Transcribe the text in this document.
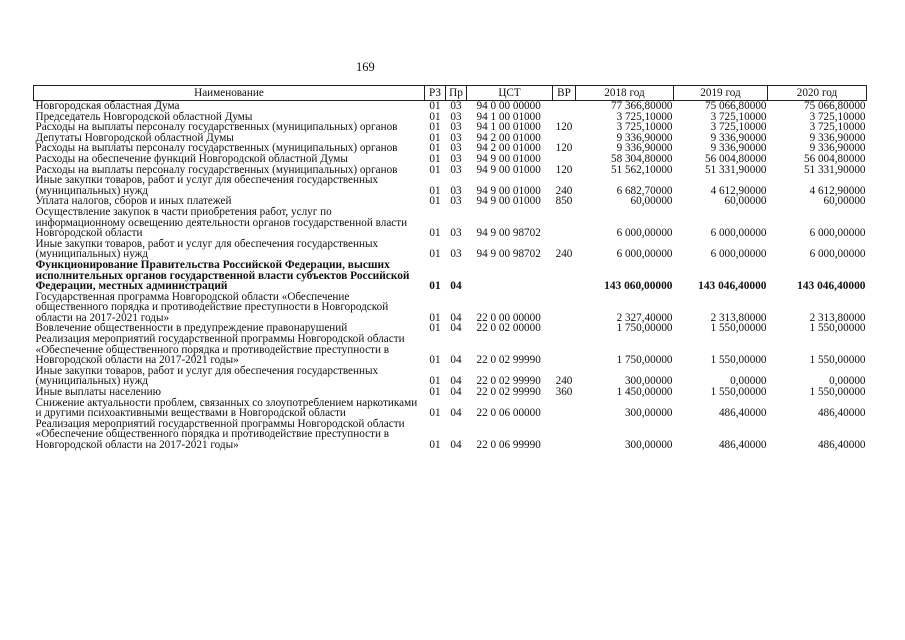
169
Наименование	РЗ	Пр	ЦСТ	ВР	2018 год	2019 год	2020 год
Новгородская областная Дума	01	03	94 0 00 00000		77 366,80000	75 066,80000	75 066,80000
Председатель Новгородской областной Думы	01	03	94 1 00 01000		3 725,10000	3 725,10000	3 725,10000
Расходы на выплаты персоналу государственных (муниципальных) органов	01	03	94 1 00 01000	120	3 725,10000	3 725,10000	3 725,10000
Депутаты Новгородской областной Думы	01	03	94 2 00 01000		9 336,90000	9 336,90000	9 336,90000
Расходы на выплаты персоналу государственных (муниципальных) органов	01	03	94 2 00 01000	120	9 336,90000	9 336,90000	9 336,90000
Расходы на обеспечение функций Новгородской областной Думы	01	03	94 9 00 01000		58 304,80000	56 004,80000	56 004,80000
Расходы на выплаты персоналу государственных (муниципальных) органов	01	03	94 9 00 01000	120	51 562,10000	51 331,90000	51 331,90000
Иные закупки товаров, работ и услуг для обеспечения государственных (муниципальных) нужд	01	03	94 9 00 01000	240	6 682,70000	4 612,90000	4 612,90000
Уплата налогов, сборов и иных платежей	01	03	94 9 00 01000	850	60,00000	60,00000	60,00000
Осуществление закупок в части приобретения работ, услуг по информационному освещению деятельности органов государственной власти Новгородской области	01	03	94 9 00 98702		6 000,00000	6 000,00000	6 000,00000
Иные закупки товаров, работ и услуг для обеспечения государственных (муниципальных) нужд	01	03	94 9 00 98702	240	6 000,00000	6 000,00000	6 000,00000
Функционирование Правительства Российской Федерации, высших исполнительных органов государственной власти субъектов Российской Федерации, местных администраций	01	04			143 060,00000	143 046,40000	143 046,40000
Государственная программа Новгородской области «Обеспечение общественного порядка и противодействие преступности в Новгородской области на 2017-2021 годы»	01	04	22 0 00 00000		2 327,40000	2 313,80000	2 313,80000
Вовлечение общественности в предупреждение правонарушений	01	04	22 0 02 00000		1 750,00000	1 550,00000	1 550,00000
Реализация мероприятий государственной программы Новгородской области «Обеспечение общественного порядка и противодействие преступности в Новгородской области на 2017-2021 годы»	01	04	22 0 02 99990		1 750,00000	1 550,00000	1 550,00000
Иные закупки товаров, работ и услуг для обеспечения государственных (муниципальных) нужд	01	04	22 0 02 99990	240	300,00000	0,00000	0,00000
Иные выплаты населению	01	04	22 0 02 99990	360	1 450,00000	1 550,00000	1 550,00000
Снижение актуальности проблем, связанных со злоупотреблением наркотиками и другими психоактивными веществами в Новгородской области	01	04	22 0 06 00000		300,00000	486,40000	486,40000
Реализация мероприятий государственной программы Новгородской области «Обеспечение общественного порядка и противодействие преступности в Новгородской области на 2017-2021 годы»	01	04	22 0 06 99990		300,00000	486,40000	486,40000
